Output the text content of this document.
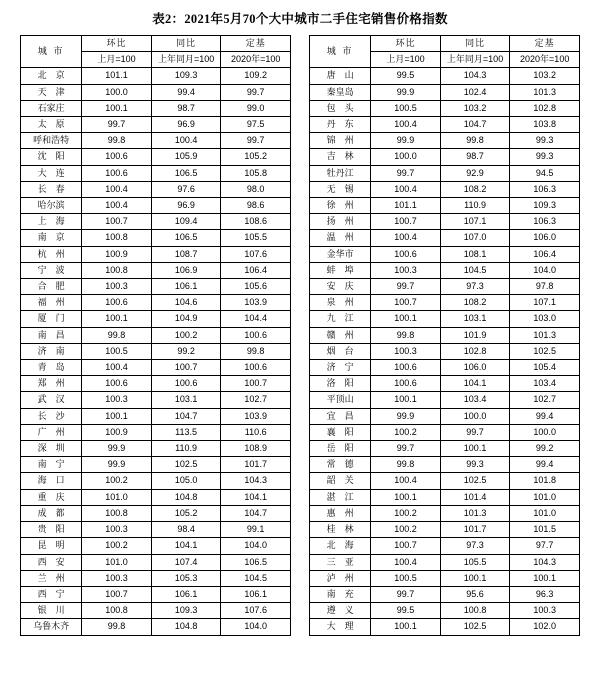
表2：2021年5月70个大中城市二手住宅销售价格指数
城 市	环比	同比	定基		城 市	环比	同比	定基
	上月=100	上年同月=100	2020年=100			上月=100	上年同月=100	2020年=100
北　京	101.1	109.3	109.2		唐　山	99.5	104.3	103.2
天　津	100.0	99.4	99.7		秦皇岛	99.9	102.4	101.3
石家庄	100.1	98.7	99.0		包　头	100.5	103.2	102.8
太　原	99.7	96.9	97.5		丹　东	100.4	104.7	103.8
呼和浩特	99.8	100.4	99.7		锦　州	99.9	99.8	99.3
沈　阳	100.6	105.9	105.2		吉　林	100.0	98.7	99.3
大　连	100.6	106.5	105.8		牡丹江	99.7	92.9	94.5
长　春	100.4	97.6	98.0		无　锡	100.4	108.2	106.3
哈尔滨	100.4	96.9	98.6		徐　州	101.1	110.9	109.3
上　海	100.7	109.4	108.6		扬　州	100.7	107.1	106.3
南　京	100.8	106.5	105.5		温　州	100.4	107.0	106.0
杭　州	100.9	108.7	107.6		金华市	100.6	108.1	106.4
宁　波	100.8	106.9	106.4		蚌　埠	100.3	104.5	104.0
合　肥	100.3	106.1	105.6		安　庆	99.7	97.3	97.8
福　州	100.6	104.6	103.9		泉　州	100.7	108.2	107.1
厦　门	100.1	104.9	104.4		九　江	100.1	103.1	103.0
南　昌	99.8	100.2	100.6		赣　州	99.8	101.9	101.3
济　南	100.5	99.2	99.8		烟　台	100.3	102.8	102.5
青　岛	100.4	100.7	100.6		济　宁	100.6	106.0	105.4
郑　州	100.6	100.6	100.7		洛　阳	100.6	104.1	103.4
武　汉	100.3	103.1	102.7		平顶山	100.1	103.4	102.7
长　沙	100.1	104.7	103.9		宜　昌	99.9	100.0	99.4
广　州	100.9	113.5	110.6		襄　阳	100.2	99.7	100.0
深　圳	99.9	110.9	108.9		岳　阳	99.7	100.1	99.2
南　宁	99.9	102.5	101.7		常　德	99.8	99.3	99.4
海　口	100.2	105.0	104.3		韶　关	100.4	102.5	101.8
重　庆	101.0	104.8	104.1		湛　江	100.1	101.4	101.0
成　都	100.8	105.2	104.7		惠　州	100.2	101.3	101.0
贵　阳	100.3	98.4	99.1		桂　林	100.2	101.7	101.5
昆　明	100.2	104.1	104.0		北　海	100.7	97.3	97.7
西　安	101.0	107.4	106.5		三　亚	100.4	105.5	104.3
兰　州	100.3	105.3	104.5		泸　州	100.5	100.1	100.1
西　宁	100.7	106.1	106.1		南　充	99.7	95.6	96.3
银　川	100.8	109.3	107.6		遵　义	99.5	100.8	100.3
乌鲁木齐	99.8	104.8	104.0		大　理	100.1	102.5	102.0
